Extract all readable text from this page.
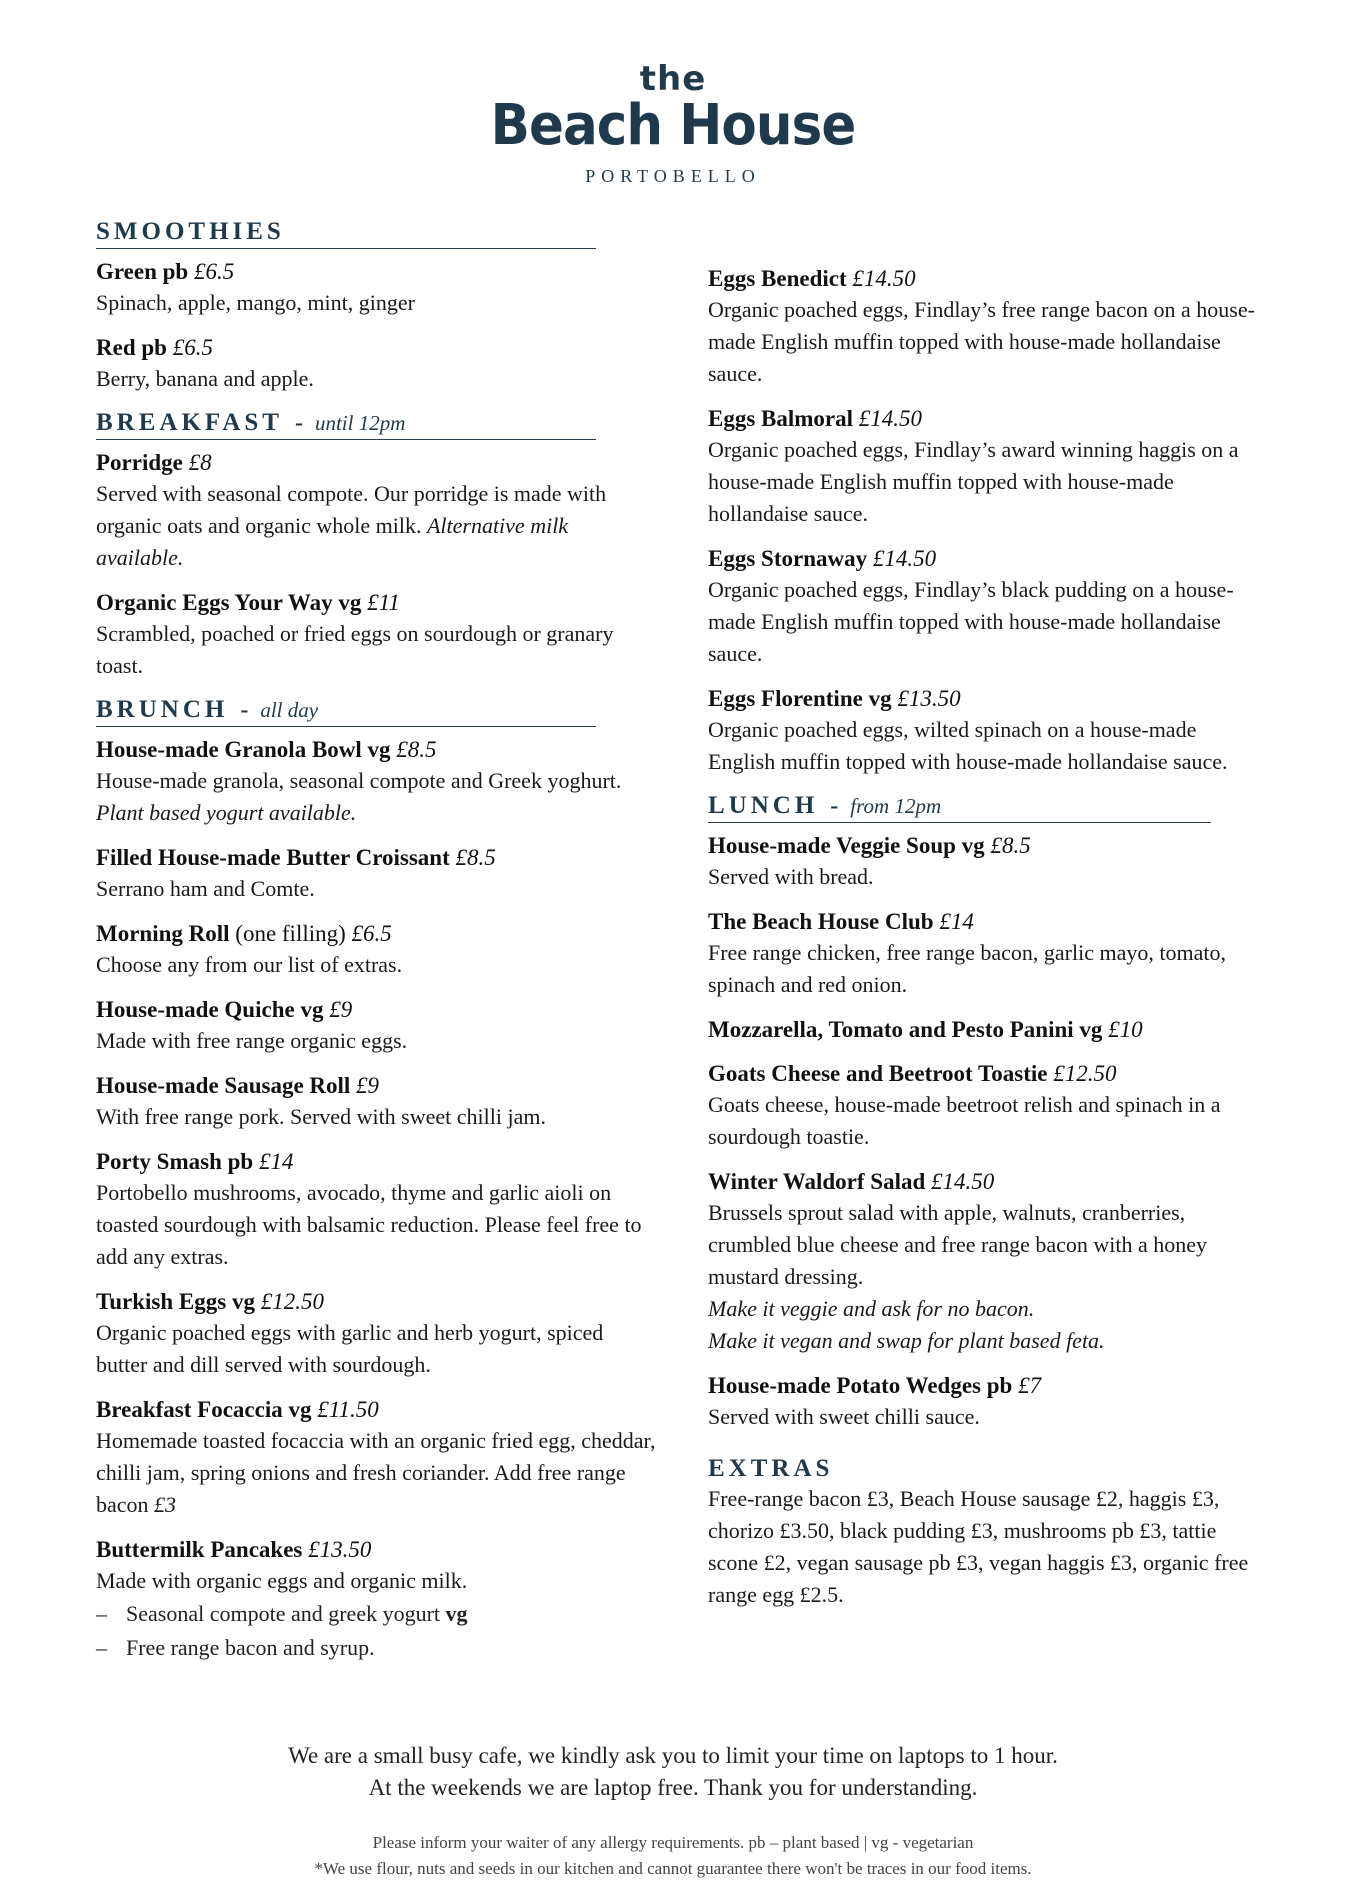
the
Beach House
PORTOBELLO
SMOOTHIES
Green pb £6.5
Spinach, apple, mango, mint, ginger
Red pb £6.5
Berry, banana and apple.
BREAKFAST - until 12pm
Porridge £8
Served with seasonal compote. Our porridge is made with organic oats and organic whole milk. Alternative milk available.
Organic Eggs Your Way vg £11
Scrambled, poached or fried eggs on sourdough or granary toast.
BRUNCH - all day
House-made Granola Bowl vg £8.5
House-made granola, seasonal compote and Greek yoghurt. Plant based yogurt available.
Filled House-made Butter Croissant £8.5
Serrano ham and Comte.
Morning Roll (one filling) £6.5
Choose any from our list of extras.
House-made Quiche vg £9
Made with free range organic eggs.
House-made Sausage Roll £9
With free range pork. Served with sweet chilli jam.
Porty Smash pb £14
Portobello mushrooms, avocado, thyme and garlic aioli on toasted sourdough with balsamic reduction. Please feel free to add any extras.
Turkish Eggs vg £12.50
Organic poached eggs with garlic and herb yogurt, spiced butter and dill served with sourdough.
Breakfast Focaccia vg £11.50
Homemade toasted focaccia with an organic fried egg, cheddar, chilli jam, spring onions and fresh coriander. Add free range bacon £3
Buttermilk Pancakes £13.50
Made with organic eggs and organic milk.
– Seasonal compote and greek yogurt vg
– Free range bacon and syrup.
Eggs Benedict £14.50
Organic poached eggs, Findlay’s free range bacon on a house-made English muffin topped with house-made hollandaise sauce.
Eggs Balmoral £14.50
Organic poached eggs, Findlay’s award winning haggis on a house-made English muffin topped with house-made hollandaise sauce.
Eggs Stornaway £14.50
Organic poached eggs, Findlay’s black pudding on a house-made English muffin topped with house-made hollandaise sauce.
Eggs Florentine vg £13.50
Organic poached eggs, wilted spinach on a house-made English muffin topped with house-made hollandaise sauce.
LUNCH - from 12pm
House-made Veggie Soup vg £8.5
Served with bread.
The Beach House Club £14
Free range chicken, free range bacon, garlic mayo, tomato, spinach and red onion.
Mozzarella, Tomato and Pesto Panini vg £10
Goats Cheese and Beetroot Toastie £12.50
Goats cheese, house-made beetroot relish and spinach in a sourdough toastie.
Winter Waldorf Salad £14.50
Brussels sprout salad with apple, walnuts, cranberries, crumbled blue cheese and free range bacon with a honey mustard dressing.
Make it veggie and ask for no bacon.
Make it vegan and swap for plant based feta.
House-made Potato Wedges pb £7
Served with sweet chilli sauce.
EXTRAS
Free-range bacon £3, Beach House sausage £2, haggis £3, chorizo £3.50, black pudding £3, mushrooms pb £3, tattie scone £2, vegan sausage pb £3, vegan haggis £3, organic free range egg £2.5.
We are a small busy cafe, we kindly ask you to limit your time on laptops to 1 hour.
At the weekends we are laptop free. Thank you for understanding.
Please inform your waiter of any allergy requirements. pb – plant based | vg - vegetarian
*We use flour, nuts and seeds in our kitchen and cannot guarantee there won't be traces in our food items.
